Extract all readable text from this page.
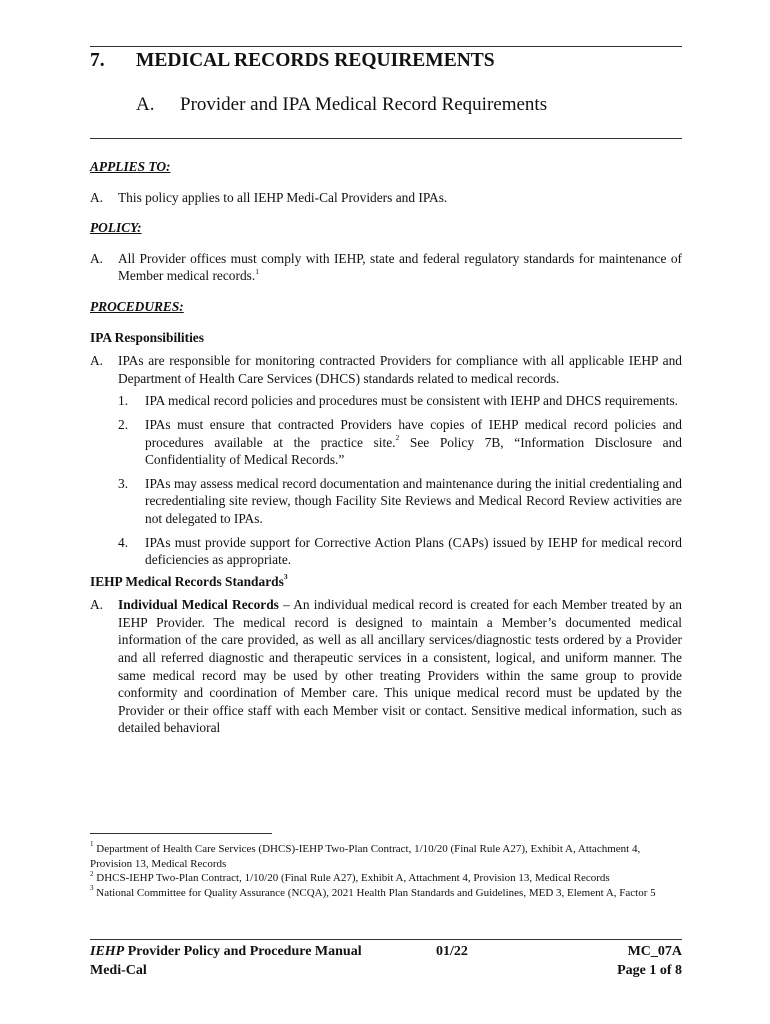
7. MEDICAL RECORDS REQUIREMENTS
A. Provider and IPA Medical Record Requirements
APPLIES TO:
A. This policy applies to all IEHP Medi-Cal Providers and IPAs.
POLICY:
A. All Provider offices must comply with IEHP, state and federal regulatory standards for maintenance of Member medical records.$^1$
PROCEDURES:
IPA Responsibilities
A. IPAs are responsible for monitoring contracted Providers for compliance with all applicable IEHP and Department of Health Care Services (DHCS) standards related to medical records.
1. IPA medical record policies and procedures must be consistent with IEHP and DHCS requirements.
2. IPAs must ensure that contracted Providers have copies of IEHP medical record policies and procedures available at the practice site.$^2$ See Policy 7B, “Information Disclosure and Confidentiality of Medical Records.”
3. IPAs may assess medical record documentation and maintenance during the initial credentialing and recredentialing site review, though Facility Site Reviews and Medical Record Review activities are not delegated to IPAs.
4. IPAs must provide support for Corrective Action Plans (CAPs) issued by IEHP for medical record deficiencies as appropriate.
IEHP Medical Records Standards$^3$
A. Individual Medical Records – An individual medical record is created for each Member treated by an IEHP Provider. The medical record is designed to maintain a Member’s documented medical information of the care provided, as well as all ancillary services/diagnostic tests ordered by a Provider and all referred diagnostic and therapeutic services in a consistent, logical, and uniform manner. The same medical record may be used by other treating Providers within the same group to provide conformity and coordination of Member care. This unique medical record must be updated by the Provider or their office staff with each Member visit or contact. Sensitive medical information, such as detailed behavioral
$^1$ Department of Health Care Services (DHCS)-IEHP Two-Plan Contract, 1/10/20 (Final Rule A27), Exhibit A, Attachment 4, Provision 13, Medical Records
$^2$ DHCS-IEHP Two-Plan Contract, 1/10/20 (Final Rule A27), Exhibit A, Attachment 4, Provision 13, Medical Records
$^3$ National Committee for Quality Assurance (NCQA), 2021 Health Plan Standards and Guidelines, MED 3, Element A, Factor 5
IEHP Provider Policy and Procedure Manual
Medi-Cal
01/22	MC_07A
Page 1 of 8
